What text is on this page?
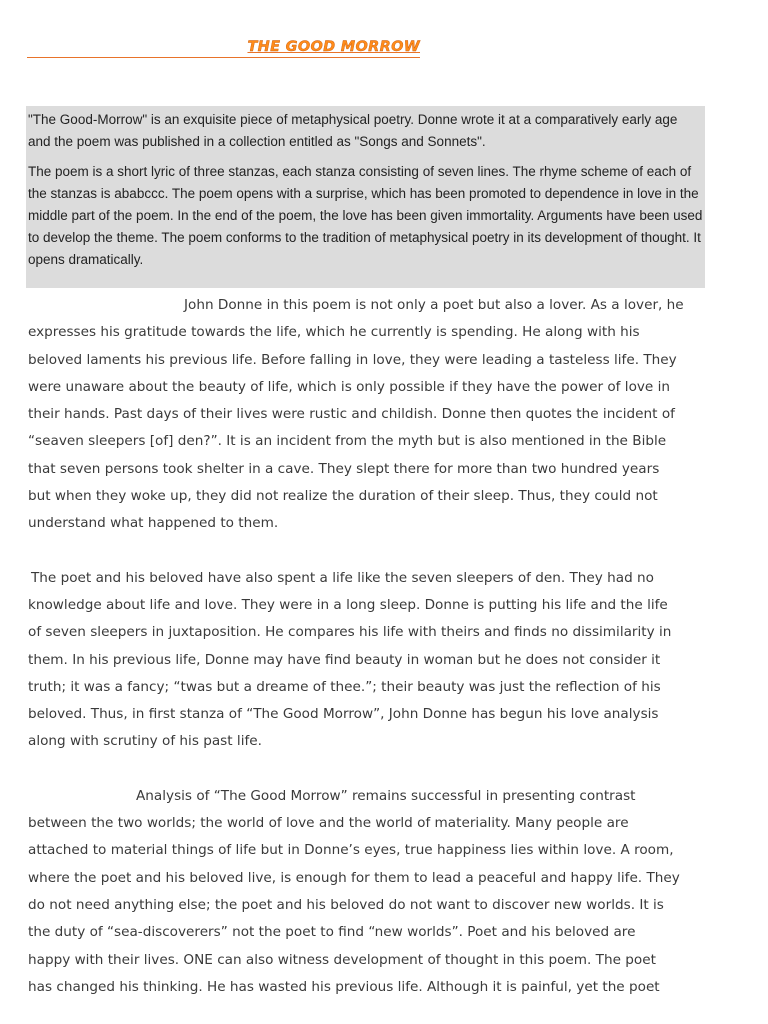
THE GOOD MORROW

"The Good-Morrow" is an exquisite piece of metaphysical poetry. Donne wrote it at a comparatively early age and the poem was published in a collection entitled as "Songs and Sonnets".

The poem is a short lyric of three stanzas, each stanza consisting of seven lines. The rhyme scheme of each of the stanzas is ababccc. The poem opens with a surprise, which has been promoted to dependence in love in the middle part of the poem. In the end of the poem, the love has been given immortality. Arguments have been used to develop the theme. The poem conforms to the tradition of metaphysical poetry in its development of thought. It opens dramatically.

John Donne in this poem is not only a poet but also a lover. As a lover, he
expresses his gratitude towards the life, which he currently is spending. He along with his
beloved laments his previous life. Before falling in love, they were leading a tasteless life. They
were unaware about the beauty of life, which is only possible if they have the power of love in
their hands. Past days of their lives were rustic and childish. Donne then quotes the incident of
“seaven sleepers [of] den?”. It is an incident from the myth but is also mentioned in the Bible
that seven persons took shelter in a cave. They slept there for more than two hundred years
but when they woke up, they did not realize the duration of their sleep. Thus, they could not
understand what happened to them.

The poet and his beloved have also spent a life like the seven sleepers of den. They had no
knowledge about life and love. They were in a long sleep. Donne is putting his life and the life
of seven sleepers in juxtaposition. He compares his life with theirs and finds no dissimilarity in
them. In his previous life, Donne may have find beauty in woman but he does not consider it
truth; it was a fancy; “twas but a dreame of thee.”; their beauty was just the reflection of his
beloved. Thus, in first stanza of “The Good Morrow”, John Donne has begun his love analysis
along with scrutiny of his past life.

Analysis of “The Good Morrow” remains successful in presenting contrast
between the two worlds; the world of love and the world of materiality. Many people are
attached to material things of life but in Donne’s eyes, true happiness lies within love. A room,
where the poet and his beloved live, is enough for them to lead a peaceful and happy life. They
do not need anything else; the poet and his beloved do not want to discover new worlds. It is
the duty of “sea-discoverers” not the poet to find “new worlds”. Poet and his beloved are
happy with their lives. ONE can also witness development of thought in this poem. The poet
has changed his thinking. He has wasted his previous life. Although it is painful, yet the poet
